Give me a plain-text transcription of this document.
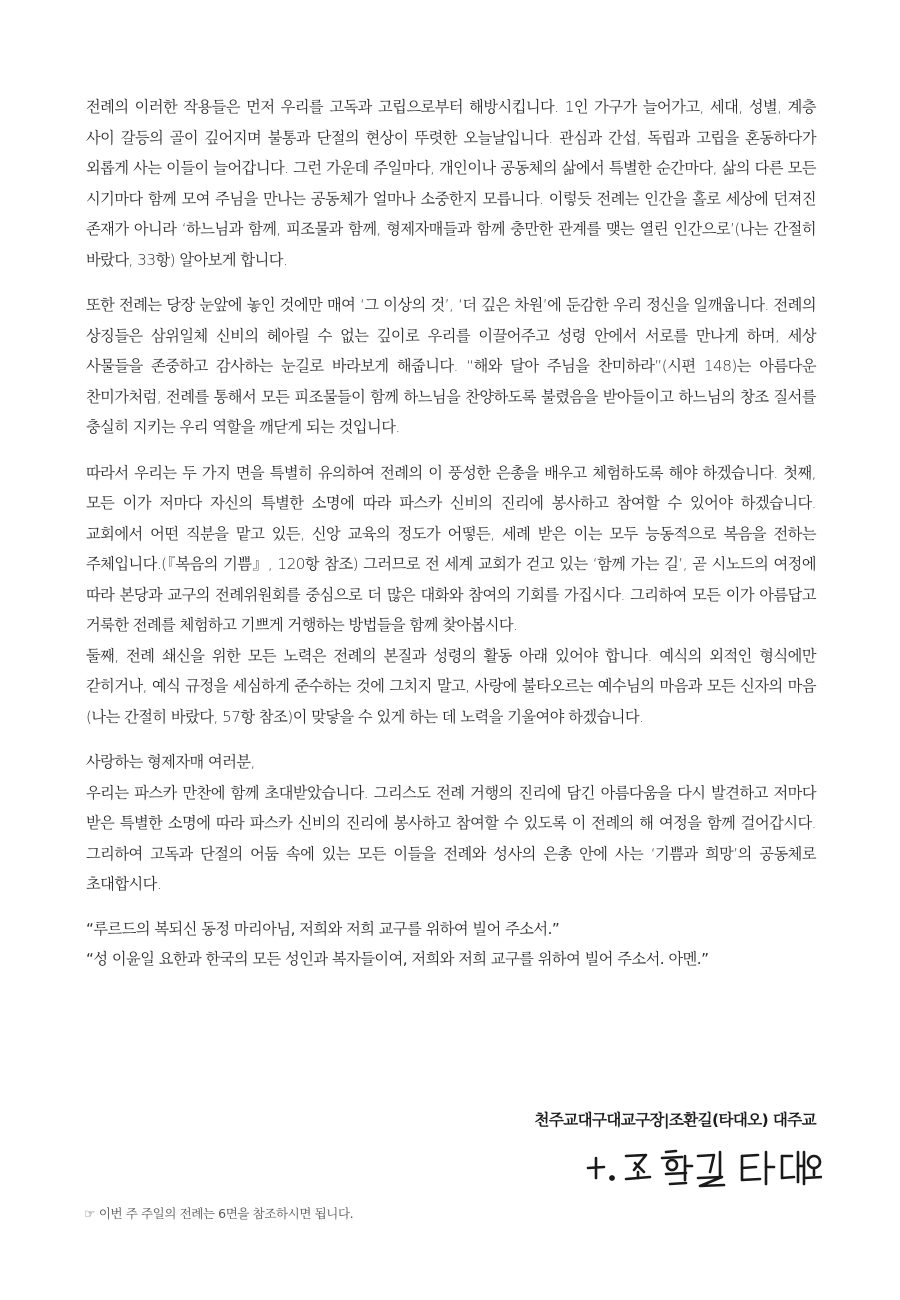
전례의 이러한 작용들은 먼저 우리를 고독과 고립으로부터 해방시킵니다. 1인 가구가 늘어가고, 세대, 성별, 계층 사이 갈등의 골이 깊어지며 불통과 단절의 현상이 뚜렷한 오늘날입니다. 관심과 간섭, 독립과 고립을 혼동하다가 외롭게 사는 이들이 늘어갑니다. 그런 가운데 주일마다, 개인이나 공동체의 삶에서 특별한 순간마다, 삶의 다른 모든 시기마다 함께 모여 주님을 만나는 공동체가 얼마나 소중한지 모릅니다. 이렇듯 전례는 인간을 홀로 세상에 던져진 존재가 아니라 ‘하느님과 함께, 피조물과 함께, 형제자매들과 함께 충만한 관계를 맺는 열린 인간으로’(나는 간절히 바랐다, 33항) 알아보게 합니다.

또한 전례는 당장 눈앞에 놓인 것에만 매여 ‘그 이상의 것’, ‘더 깊은 차원’에 둔감한 우리 정신을 일깨웁니다. 전례의 상징들은 삼위일체 신비의 헤아릴 수 없는 깊이로 우리를 이끌어주고 성령 안에서 서로를 만나게 하며, 세상 사물들을 존중하고 감사하는 눈길로 바라보게 해줍니다. “해와 달아 주님을 찬미하라”(시편 148)는 아름다운 찬미가처럼, 전례를 통해서 모든 피조물들이 함께 하느님을 찬양하도록 불렸음을 받아들이고 하느님의 창조 질서를 충실히 지키는 우리 역할을 깨닫게 되는 것입니다.

따라서 우리는 두 가지 면을 특별히 유의하여 전례의 이 풍성한 은총을 배우고 체험하도록 해야 하겠습니다. 첫째, 모든 이가 저마다 자신의 특별한 소명에 따라 파스카 신비의 진리에 봉사하고 참여할 수 있어야 하겠습니다. 교회에서 어떤 직분을 맡고 있든, 신앙 교육의 정도가 어떻든, 세례 받은 이는 모두 능동적으로 복음을 전하는 주체입니다.(『복음의 기쁨』, 120항 참조) 그러므로 전 세계 교회가 걷고 있는 ‘함께 가는 길’, 곧 시노드의 여정에 따라 본당과 교구의 전례위원회를 중심으로 더 많은 대화와 참여의 기회를 가집시다. 그리하여 모든 이가 아름답고 거룩한 전례를 체험하고 기쁘게 거행하는 방법들을 함께 찾아봅시다.

둘째, 전례 쇄신을 위한 모든 노력은 전례의 본질과 성령의 활동 아래 있어야 합니다. 예식의 외적인 형식에만 갇히거나, 예식 규정을 세심하게 준수하는 것에 그치지 말고, 사랑에 불타오르는 예수님의 마음과 모든 신자의 마음(나는 간절히 바랐다, 57항 참조)이 맞닿을 수 있게 하는 데 노력을 기울여야 하겠습니다.

사랑하는 형제자매 여러분,

우리는 파스카 만찬에 함께 초대받았습니다. 그리스도 전례 거행의 진리에 담긴 아름다움을 다시 발견하고 저마다 받은 특별한 소명에 따라 파스카 신비의 진리에 봉사하고 참여할 수 있도록 이 전례의 해 여정을 함께 걸어갑시다. 그리하여 고독과 단절의 어둠 속에 있는 모든 이들을 전례와 성사의 은총 안에 사는 ‘기쁨과 희망’의 공동체로 초대합시다.

“루르드의 복되신 동정 마리아님, 저희와 저희 교구를 위하여 빌어 주소서.”

“성 이윤일 요한과 한국의 모든 성인과 복자들이여, 저희와 저희 교구를 위하여 빌어 주소서. 아멘.”

천주교대구대교구장|조환길(타대오) 대주교
☞ 이번 주 주일의 전례는 6면을 참조하시면 됩니다.
